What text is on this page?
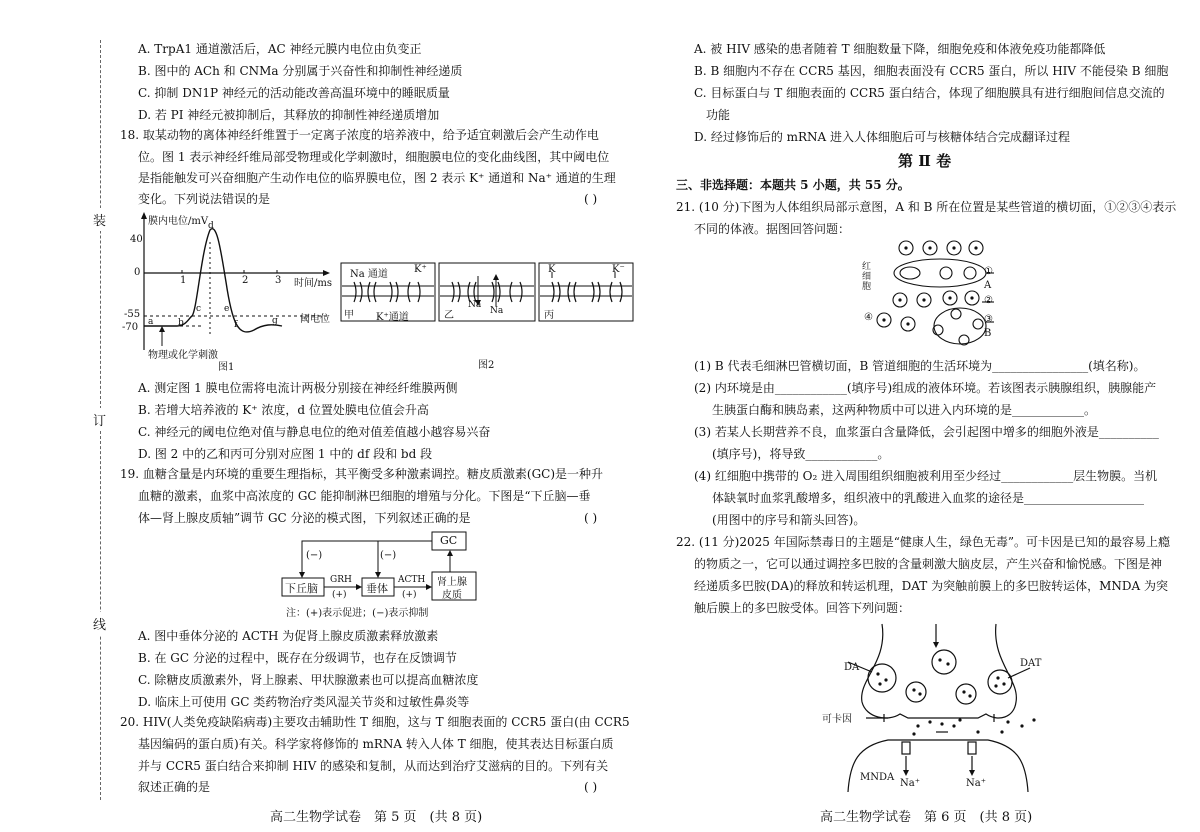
装
订
线
A. TrpA1 通道激活后，AC 神经元膜内电位由负变正
B. 图中的 ACh 和 CNMa 分别属于兴奋性和抑制性神经递质
C. 抑制 DN1P 神经元的活动能改善高温环境中的睡眠质量
D. 若 PI 神经元被抑制后，其释放的抑制性神经递质增加
18. 取某动物的离体神经纤维置于一定离子浓度的培养液中，给予适宜刺激后会产生动作电
位。图 1 表示神经纤维局部受物理或化学刺激时，细胞膜电位的变化曲线图，其中阈电位
是指能触发可兴奋细胞产生动作电位的临界膜电位，图 2 表示 K⁺ 通道和 Na⁺ 通道的生理
变化。下列说法错误的是	( )
膜内电位/mV
40
0
-55
-70
1	2	3 时间/ms
阈电位
物理或化学刺激
图1
a	b
c
d
e
f	g
Na 通道	K⁺
甲 K⁺通道	乙
Na
Na	丙
K	K⁻
图2
A. 测定图 1 膜电位需将电流计两极分别接在神经纤维膜两侧
B. 若增大培养液的 K⁺ 浓度，d 位置处膜电位值会升高
C. 神经元的阈电位绝对值与静息电位的绝对值差值越小越容易兴奋
D. 图 2 中的乙和丙可分别对应图 1 中的 df 段和 bd 段
19. 血糖含量是内环境的重要生理指标，其平衡受多种激素调控。糖皮质激素(GC)是一种升
血糖的激素，血浆中高浓度的 GC 能抑制淋巴细胞的增殖与分化。下图是“下丘脑—垂
体—肾上腺皮质轴”调节 GC 分泌的模式图，下列叙述正确的是	( )
GC
(−)	(−)
下丘脑
GRH
(+) 垂体
ACTH
(+)
肾上腺
皮质
注：(+)表示促进；(−)表示抑制
A. 图中垂体分泌的 ACTH 为促肾上腺皮质激素释放激素
B. 在 GC 分泌的过程中，既存在分级调节，也存在反馈调节
C. 除糖皮质激素外，肾上腺素、甲状腺激素也可以提高血糖浓度
D. 临床上可使用 GC 类药物治疗类风湿关节炎和过敏性鼻炎等
20. HIV(人类免疫缺陷病毒)主要攻击辅助性 T 细胞，这与 T 细胞表面的 CCR5 蛋白(由 CCR5
基因编码的蛋白质)有关。科学家将修饰的 mRNA 转入人体 T 细胞，使其表达目标蛋白质
并与 CCR5 蛋白结合来抑制 HIV 的感染和复制，从而达到治疗艾滋病的目的。下列有关
叙述正确的是	( )
高二生物学试卷　第 5 页　(共 8 页)
A. 被 HIV 感染的患者随着 T 细胞数量下降，细胞免疫和体液免疫功能都降低
B. B 细胞内不存在 CCR5 基因，细胞表面没有 CCR5 蛋白，所以 HIV 不能侵染 B 细胞
C. 目标蛋白与 T 细胞表面的 CCR5 蛋白结合，体现了细胞膜具有进行细胞间信息交流的
功能
D. 经过修饰后的 mRNA 进入人体细胞后可与核糖体结合完成翻译过程
第 Ⅱ 卷
三、非选择题：本题共 5 小题，共 55 分。
21. (10 分)下图为人体组织局部示意图，A 和 B 所在位置是某些管道的横切面，①②③④表示
不同的体液。据图回答问题：
红细胞
①
A
②
④	③
B
(1) B 代表毛细淋巴管横切面，B 管道细胞的生活环境为________________(填名称)。
(2) 内环境是由____________(填序号)组成的液体环境。若该图表示胰腺组织，胰腺能产
生胰蛋白酶和胰岛素，这两种物质中可以进入内环境的是____________。
(3) 若某人长期营养不良，血浆蛋白含量降低，会引起图中增多的细胞外液是__________
(填序号)，将导致____________。
(4) 红细胞中携带的 O₂ 进入周围组织细胞被利用至少经过____________层生物膜。当机
体缺氧时血浆乳酸增多，组织液中的乳酸进入血浆的途径是____________________
(用图中的序号和箭头回答)。
22. (11 分)2025 年国际禁毒日的主题是“健康人生，绿色无毒”。可卡因是已知的最容易上瘾
的物质之一，它可以通过调控多巴胺的含量刺激大脑皮层，产生兴奋和愉悦感。下图是神
经递质多巴胺(DA)的释放和转运机理，DAT 为突触前膜上的多巴胺转运体，MNDA 为突
触后膜上的多巴胺受体。回答下列问题：
DA	DAT
可卡因
MNDA
Na⁺	Na⁺
高二生物学试卷　第 6 页　(共 8 页)
